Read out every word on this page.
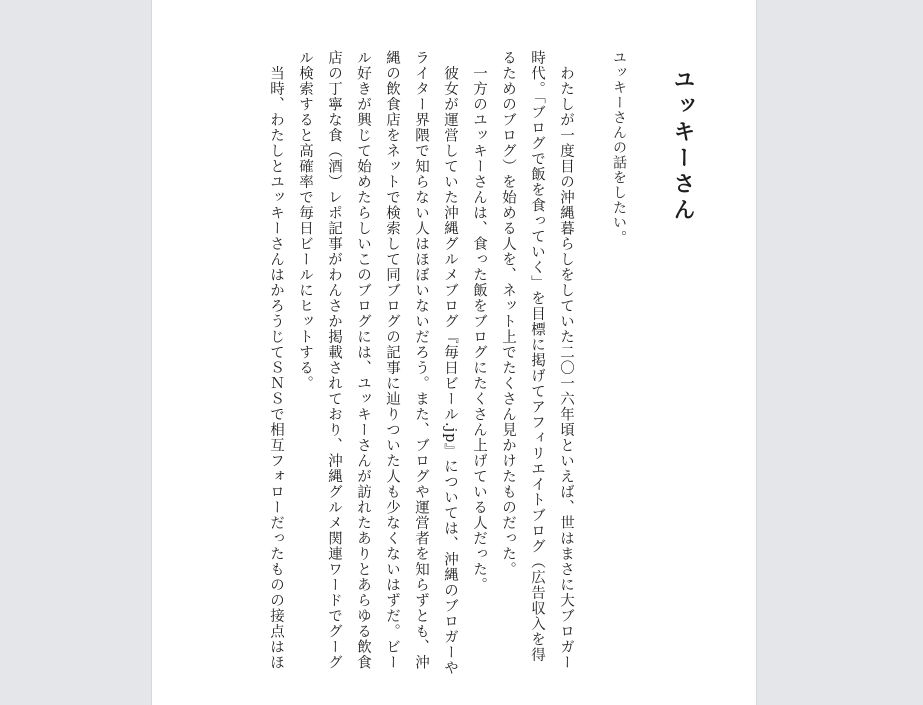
ユッキーさん

ユッキーさんの話をしたい。

　わたしが一度目の沖縄暮らしをしていた二〇一六年頃といえば、世はまさに大ブロガー
時代。「ブログで飯を食っていく」を目標に掲げてアフィリエイトブログ（広告収入を得
るためのブログ）を始める人を、ネット上でたくさん見かけたものだった。
　一方のユッキーさんは、食った飯をブログにたくさん上げている人だった。
　彼女が運営していた沖縄グルメブログ『毎日ビール.jp』については、沖縄のブロガーや
ライター界隈で知らない人はほぼいないだろう。また、ブログや運営者を知らずとも、沖
縄の飲食店をネットで検索して同ブログの記事に辿りついた人も少なくないはずだ。ビー
ル好きが興じて始めたらしいこのブログには、ユッキーさんが訪れたありとあらゆる飲食
店の丁寧な食（酒）レポ記事がわんさか掲載されており、沖縄グルメ関連ワードでグーグ
ル検索すると高確率で毎日ビールにヒットする。
　当時、わたしとユッキーさんはかろうじてＳＮＳで相互フォローだったものの接点はほ
